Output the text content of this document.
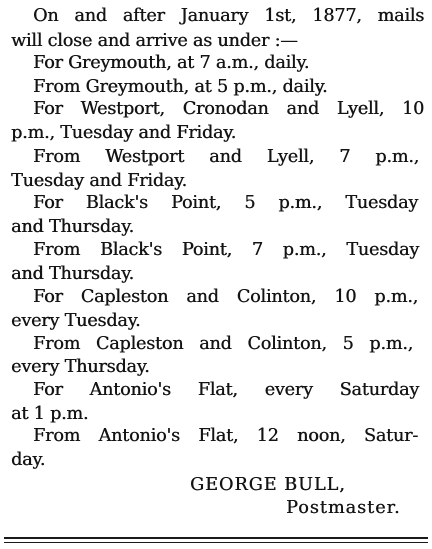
On and after January 1st, 1877, mails
will close and arrive as under :—
For Greymouth, at 7 a.m., daily.
From Greymouth, at 5 p.m., daily.
For Westport, Cronodan and Lyell, 10
p.m., Tuesday and Friday.
From Westport and Lyell, 7 p.m.,
Tuesday and Friday.
For Black's Point, 5 p.m., Tuesday
and Thursday.
From Black's Point, 7 p.m., Tuesday
and Thursday.
For Capleston and Colinton, 10 p.m.,
every Tuesday.
From Capleston and Colinton, 5 p.m.,
every Thursday.
For Antonio's Flat, every Saturday
at 1 p.m.
From Antonio's Flat, 12 noon, Satur-
day.
GEORGE BULL,
Postmaster.
